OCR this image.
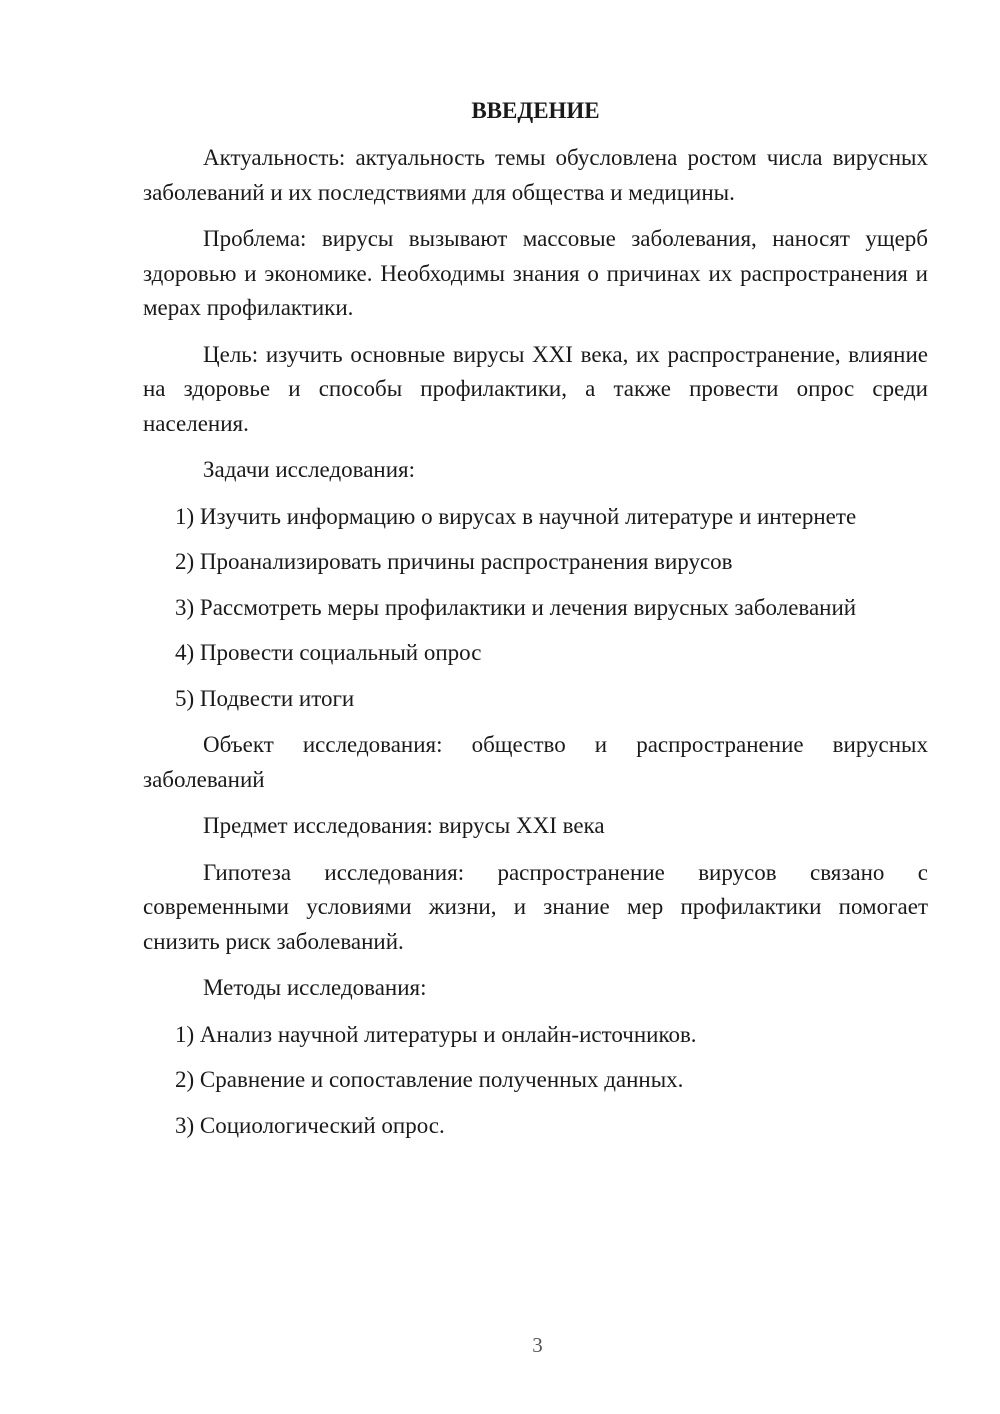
ВВЕДЕНИЕ

Актуальность: актуальность темы обусловлена ростом числа вирусных заболеваний и их последствиями для общества и медицины.

Проблема: вирусы вызывают массовые заболевания, наносят ущерб здоровью и экономике. Необходимы знания о причинах их распространения и мерах профилактики.

Цель: изучить основные вирусы XXI века, их распространение, влияние на здоровье и способы профилактики, а также провести опрос среди населения.

Задачи исследования:

1) Изучить информацию о вирусах в научной литературе и интернете
2) Проанализировать причины распространения вирусов
3) Рассмотреть меры профилактики и лечения вирусных заболеваний
4) Провести социальный опрос
5) Подвести итоги

Объект исследования: общество и распространение вирусных заболеваний

Предмет исследования: вирусы XXI века

Гипотеза исследования: распространение вирусов связано с современными условиями жизни, и знание мер профилактики помогает снизить риск заболеваний.

Методы исследования:

1) Анализ научной литературы и онлайн-источников.
2) Сравнение и сопоставление полученных данных.
3) Социологический опрос.
3
